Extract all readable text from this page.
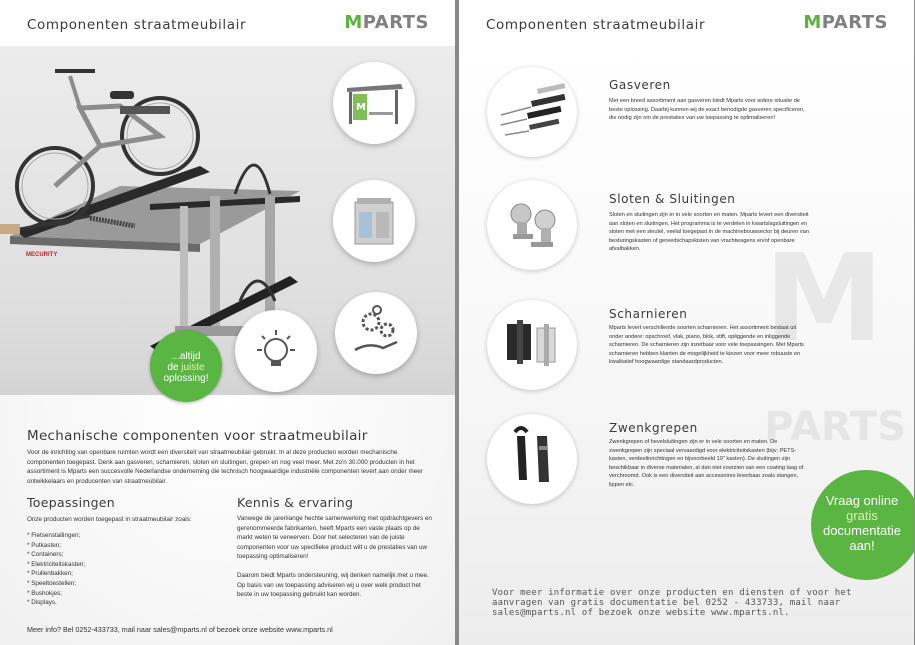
Componenten straatmeubilair	MPARTS
MECURITY
M
...altijd
de juiste
oplossing!
Mechanische componenten voor straatmeubilair

Voor de inrichting van openbare ruimten wordt een diversiteit van straatmeubilair gebruikt. In al deze producten worden mechanische componenten toegepast. Denk aan gasveren, scharnieren, sloten en sluitingen, grepen en nog veel meer. Met zo'n 30.000 producten in het assortiment is Mparts een succesvolle Nederlandse onderneming die technisch hoogwaardige industriële componenten levert aan onder meer ontwikkelaars en producenten van straatmeubilair.

Toepassingen

Onze producten worden toegepast in straatmeubilair zoals:

* Fietsenstallingen;
* Putkasten;
* Containers;
* Elektriciteitskasten;
* Prullenbakken;
* Speeltoestellen;
* Bushokjes;
* Displays.
Kennis & ervaring

Vanwege de jarenlange hechte samenwerking met opdrachtgevers en gerenommeerde fabrikanten, heeft Mparts een vaste plaats op de markt weten te verwerven. Door het selecteren van de juiste componenten voor uw specifieke product wilt u de prestaties van uw toepassing optimaliseren!

Daarom biedt Mparts ondersteuning, wij denken namelijk met u mee. Op basis van uw toepassing adviseren wij u over welk product het beste in uw toepassing gebruikt kan worden.

Meer info? Bel 0252-433733, mail naar sales@mparts.nl of bezoek onze website www.mparts.nl
M
PARTS
Componenten straatmeubilair	MPARTS
Gasveren

Met een breed assortiment aan gasveren biedt Mparts voor iedere situatie de beste oplossing. Daarbij kunnen wij de exact benodigde gasveren specificeren, die nodig zijn om de prestaties van uw toepassing te optimaliseren!

Sloten & Sluitingen

Sloten en sluitingen zijn er in vele soorten en maten. Mparts levert een diversiteit aan sloten en sluitingen. Het programma is te verdelen in kwartslagsluitingen en sloten met een sleutel, veelal toegepast in de machinebouwsector bij deuren van besturingskasten of gereedschapskisten van vrachtwagens en/of openbare afvalbakken.

Scharnieren

Mparts levert verschillende soorten scharnieren. Het assortiment bestaat uit onder andere: opschroef, vlak, piano, blok, stift, opliggende en inliggende scharnieren. De scharnieren zijn inzetbaar voor vele toepassingen. Met Mparts scharnieren hebben klanten de mogelijkheid te kiezen voor meer robuuste en kwalitatief hoogwaardige standaardproducten.

Zwenkgrepen

Zwenkgrepen of hevelsluitingen zijn er in vele soorten en maten. De zwenkgrepen zijn speciaal vervaardigd voor elektriciteitskasten (bijv: PETS-kasten, verdeelinrichtingen en bijvoorbeeld 19" kasten). De sluitingen zijn beschikbaar in diverse materialen, al dan niet voorzien van een coating laag of verchroomd. Ook is een diversiteit aan accessoires leverbaar zoals stangen, lippen etc.

Vraag online
gratis
documentatie
aan!

Voor meer informatie over onze producten en diensten of voor het aanvragen van gratis documentatie bel 0252 - 433733, mail naar sales@mparts.nl of bezoek onze website www.mparts.nl.
